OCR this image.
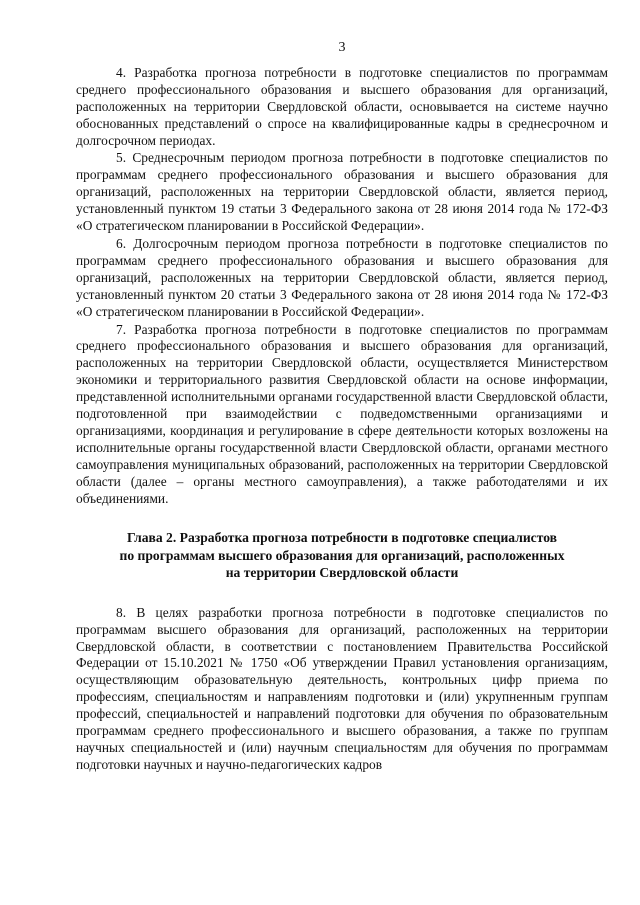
3

4. Разработка прогноза потребности в подготовке специалистов по программам среднего профессионального образования и высшего образования для организаций, расположенных на территории Свердловской области, основывается на системе научно обоснованных представлений о спросе на квалифицированные кадры в среднесрочном и долгосрочном периодах.

5. Среднесрочным периодом прогноза потребности в подготовке специалистов по программам среднего профессионального образования и высшего образования для организаций, расположенных на территории Свердловской области, является период, установленный пунктом 19 статьи 3 Федерального закона от 28 июня 2014 года № 172-ФЗ «О стратегическом планировании в Российской Федерации».

6. Долгосрочным периодом прогноза потребности в подготовке специалистов по программам среднего профессионального образования и высшего образования для организаций, расположенных на территории Свердловской области, является период, установленный пунктом 20 статьи 3 Федерального закона от 28 июня 2014 года № 172-ФЗ «О стратегическом планировании в Российской Федерации».

7. Разработка прогноза потребности в подготовке специалистов по программам среднего профессионального образования и высшего образования для организаций, расположенных на территории Свердловской области, осуществляется Министерством экономики и территориального развития Свердловской области на основе информации, представленной исполнительными органами государственной власти Свердловской области, подготовленной при взаимодействии с подведомственными организациями и организациями, координация и регулирование в сфере деятельности которых возложены на исполнительные органы государственной власти Свердловской области, органами местного самоуправления муниципальных образований, расположенных на территории Свердловской области (далее – органы местного самоуправления), а также работодателями и их объединениями.

Глава 2. Разработка прогноза потребности в подготовке специалистов
по программам высшего образования для организаций, расположенных
на территории Свердловской области

8. В целях разработки прогноза потребности в подготовке специалистов по программам высшего образования для организаций, расположенных на территории Свердловской области, в соответствии с постановлением Правительства Российской Федерации от 15.10.2021 № 1750 «Об утверждении Правил установления организациям, осуществляющим образовательную деятельность, контрольных цифр приема по профессиям, специальностям и направлениям подготовки и (или) укрупненным группам профессий, специальностей и направлений подготовки для обучения по образовательным программам среднего профессионального и высшего образования, а также по группам научных специальностей и (или) научным специальностям для обучения по программам подготовки научных и научно-педагогических кадров
